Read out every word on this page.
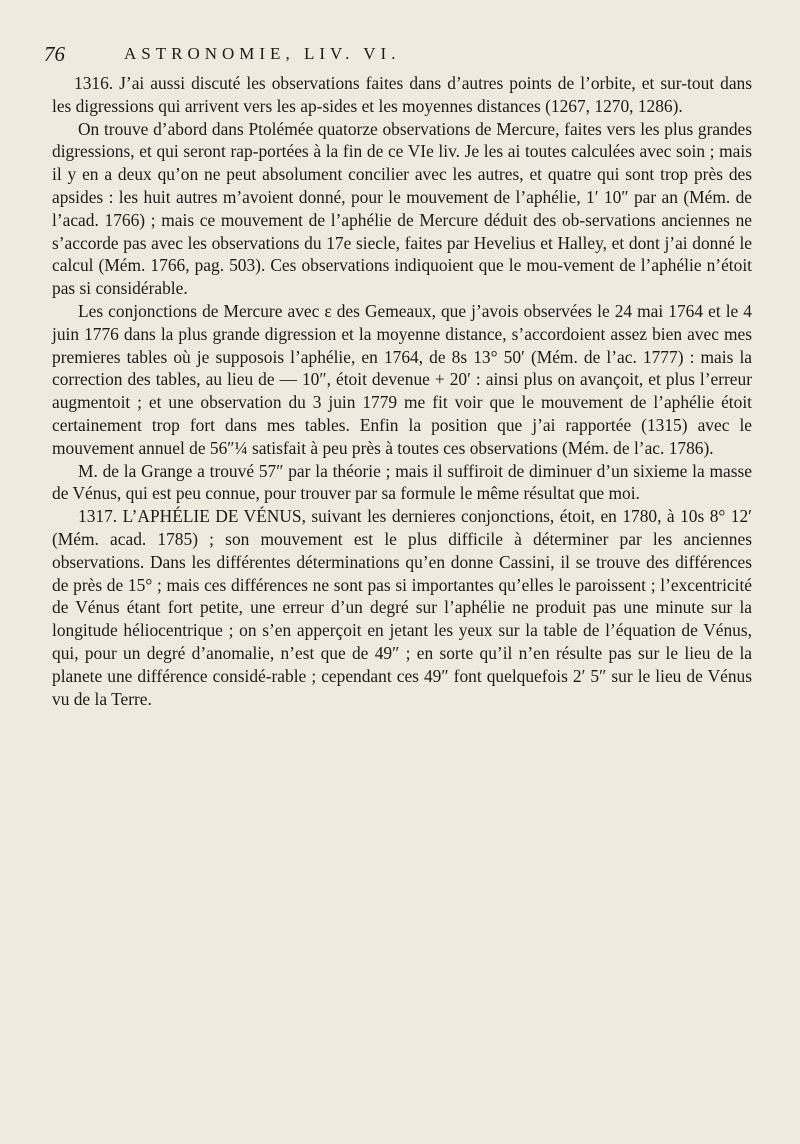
76	ASTRONOMIE, LIV. VI.

1316. J’ai aussi discuté les observations faites dans d’autres points de l’orbite, et sur-tout dans les digressions qui arrivent vers les ap-sides et les moyennes distances (1267, 1270, 1286).

On trouve d’abord dans Ptolémée quatorze observations de Mercure, faites vers les plus grandes digressions, et qui seront rap-portées à la fin de ce VIe liv. Je les ai toutes calculées avec soin ; mais il y en a deux qu’on ne peut absolument concilier avec les autres, et quatre qui sont trop près des apsides : les huit autres m’avoient donné, pour le mouvement de l’aphélie, 1′ 10″ par an (Mém. de l’acad. 1766) ; mais ce mouvement de l’aphélie de Mercure déduit des ob-servations anciennes ne s’accorde pas avec les observations du 17e siecle, faites par Hevelius et Halley, et dont j’ai donné le calcul (Mém. 1766, pag. 503). Ces observations indiquoient que le mou-vement de l’aphélie n’étoit pas si considérable.

Les conjonctions de Mercure avec ε des Gemeaux, que j’avois observées le 24 mai 1764 et le 4 juin 1776 dans la plus grande digression et la moyenne distance, s’accordoient assez bien avec mes premieres tables où je supposois l’aphélie, en 1764, de 8s 13° 50′ (Mém. de l’ac. 1777) : mais la correction des tables, au lieu de — 10″, étoit devenue + 20′ : ainsi plus on avançoit, et plus l’erreur augmentoit ; et une observation du 3 juin 1779 me fit voir que le mouvement de l’aphélie étoit certainement trop fort dans mes tables. Enfin la position que j’ai rapportée (1315) avec le mouvement annuel de 56″¼ satisfait à peu près à toutes ces observations (Mém. de l’ac. 1786).

M. de la Grange a trouvé 57″ par la théorie ; mais il suffiroit de diminuer d’un sixieme la masse de Vénus, qui est peu connue, pour trouver par sa formule le même résultat que moi.

1317. L’APHÉLIE DE VÉNUS, suivant les dernieres conjonctions, étoit, en 1780, à 10s 8° 12′ (Mém. acad. 1785) ; son mouvement est le plus difficile à déterminer par les anciennes observations. Dans les différentes déterminations qu’en donne Cassini, il se trouve des différences de près de 15° ; mais ces différences ne sont pas si importantes qu’elles le paroissent ; l’excentricité de Vénus étant fort petite, une erreur d’un degré sur l’aphélie ne produit pas une minute sur la longitude héliocentrique ; on s’en apperçoit en jetant les yeux sur la table de l’équation de Vénus, qui, pour un degré d’anomalie, n’est que de 49″ ; en sorte qu’il n’en résulte pas sur le lieu de la planete une différence considé-rable ; cependant ces 49″ font quelquefois 2′ 5″ sur le lieu de Vénus vu de la Terre.
